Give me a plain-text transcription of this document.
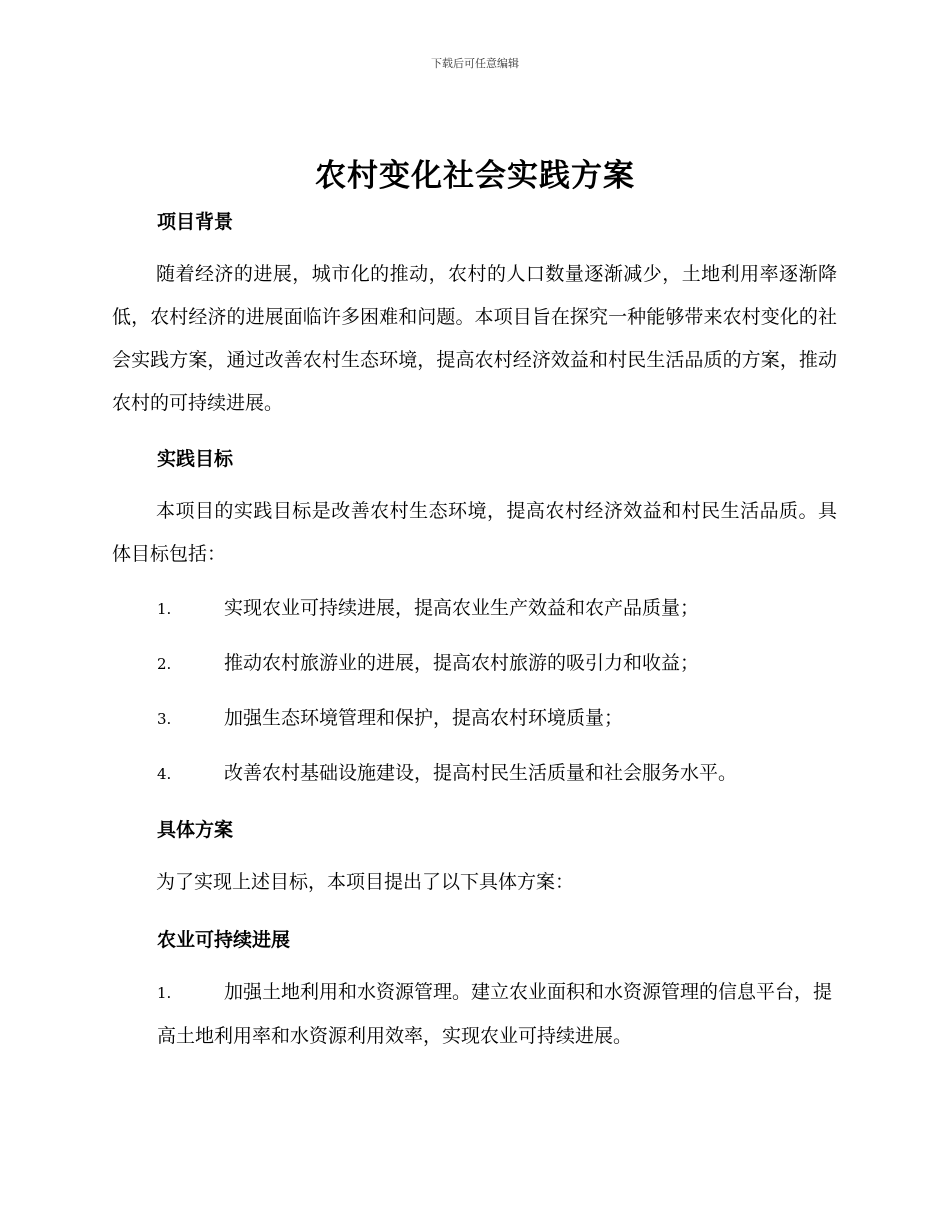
下载后可任意编辑
农村变化社会实践方案
项目背景
随着经济的进展，城市化的推动，农村的人口数量逐渐减少，土地利用率逐渐降低，农村经济的进展面临许多困难和问题。本项目旨在探究一种能够带来农村变化的社会实践方案，通过改善农村生态环境，提高农村经济效益和村民生活品质的方案，推动农村的可持续进展。
实践目标
本项目的实践目标是改善农村生态环境，提高农村经济效益和村民生活品质。具体目标包括：
1.	实现农业可持续进展，提高农业生产效益和农产品质量；
2.	推动农村旅游业的进展，提高农村旅游的吸引力和收益；
3.	加强生态环境管理和保护，提高农村环境质量；
4.	改善农村基础设施建设，提高村民生活质量和社会服务水平。
具体方案
为了实现上述目标，本项目提出了以下具体方案：
农业可持续进展
1.	加强土地利用和水资源管理。建立农业面积和水资源管理的信息平台，提高土地利用率和水资源利用效率，实现农业可持续进展。
